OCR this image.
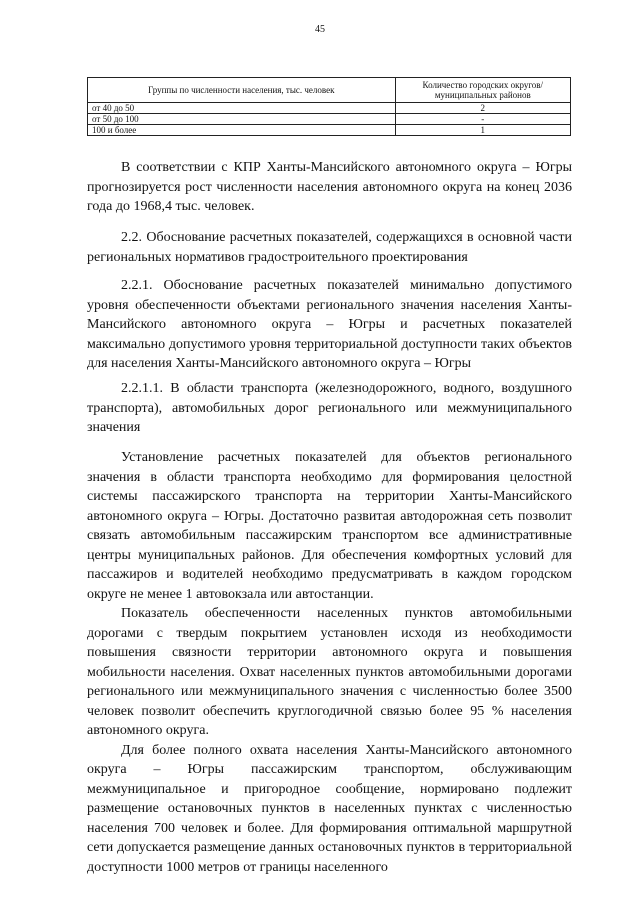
45
Группы по численности населения, тыс. человек	Количество городских округов/муниципальных районов
от 40 до 50	2
от 50 до 100	-
100 и более	1

В соответствии с КПР Ханты-Мансийского автономного округа – Югры прогнозируется рост численности населения автономного округа на конец 2036 года до 1968,4 тыс. человек.

2.2. Обоснование расчетных показателей, содержащихся в основной части региональных нормативов градостроительного проектирования

2.2.1. Обоснование расчетных показателей минимально допустимого уровня обеспеченности объектами регионального значения населения Ханты-Мансийского автономного округа – Югры и расчетных показателей максимально допустимого уровня территориальной доступности таких объектов для населения Ханты-Мансийского автономного округа – Югры

2.2.1.1. В области транспорта (железнодорожного, водного, воздушного транспорта), автомобильных дорог регионального или межмуниципального значения

Установление расчетных показателей для объектов регионального значения в области транспорта необходимо для формирования целостной системы пассажирского транспорта на территории Ханты-Мансийского автономного округа – Югры. Достаточно развитая автодорожная сеть позволит связать автомобильным пассажирским транспортом все административные центры муниципальных районов. Для обеспечения комфортных условий для пассажиров и водителей необходимо предусматривать в каждом городском округе не менее 1 автовокзала или автостанции.

Показатель обеспеченности населенных пунктов автомобильными дорогами с твердым покрытием установлен исходя из необходимости повышения связности территории автономного округа и повышения мобильности населения. Охват населенных пунктов автомобильными дорогами регионального или межмуниципального значения с численностью более 3500 человек позволит обеспечить круглогодичной связью более 95 % населения автономного округа.

Для более полного охвата населения Ханты-Мансийского автономного округа – Югры пассажирским транспортом, обслуживающим межмуниципальное и пригородное сообщение, нормировано подлежит размещение остановочных пунктов в населенных пунктах с численностью населения 700 человек и более. Для формирования оптимальной маршрутной сети допускается размещение данных остановочных пунктов в территориальной доступности 1000 метров от границы населенного
